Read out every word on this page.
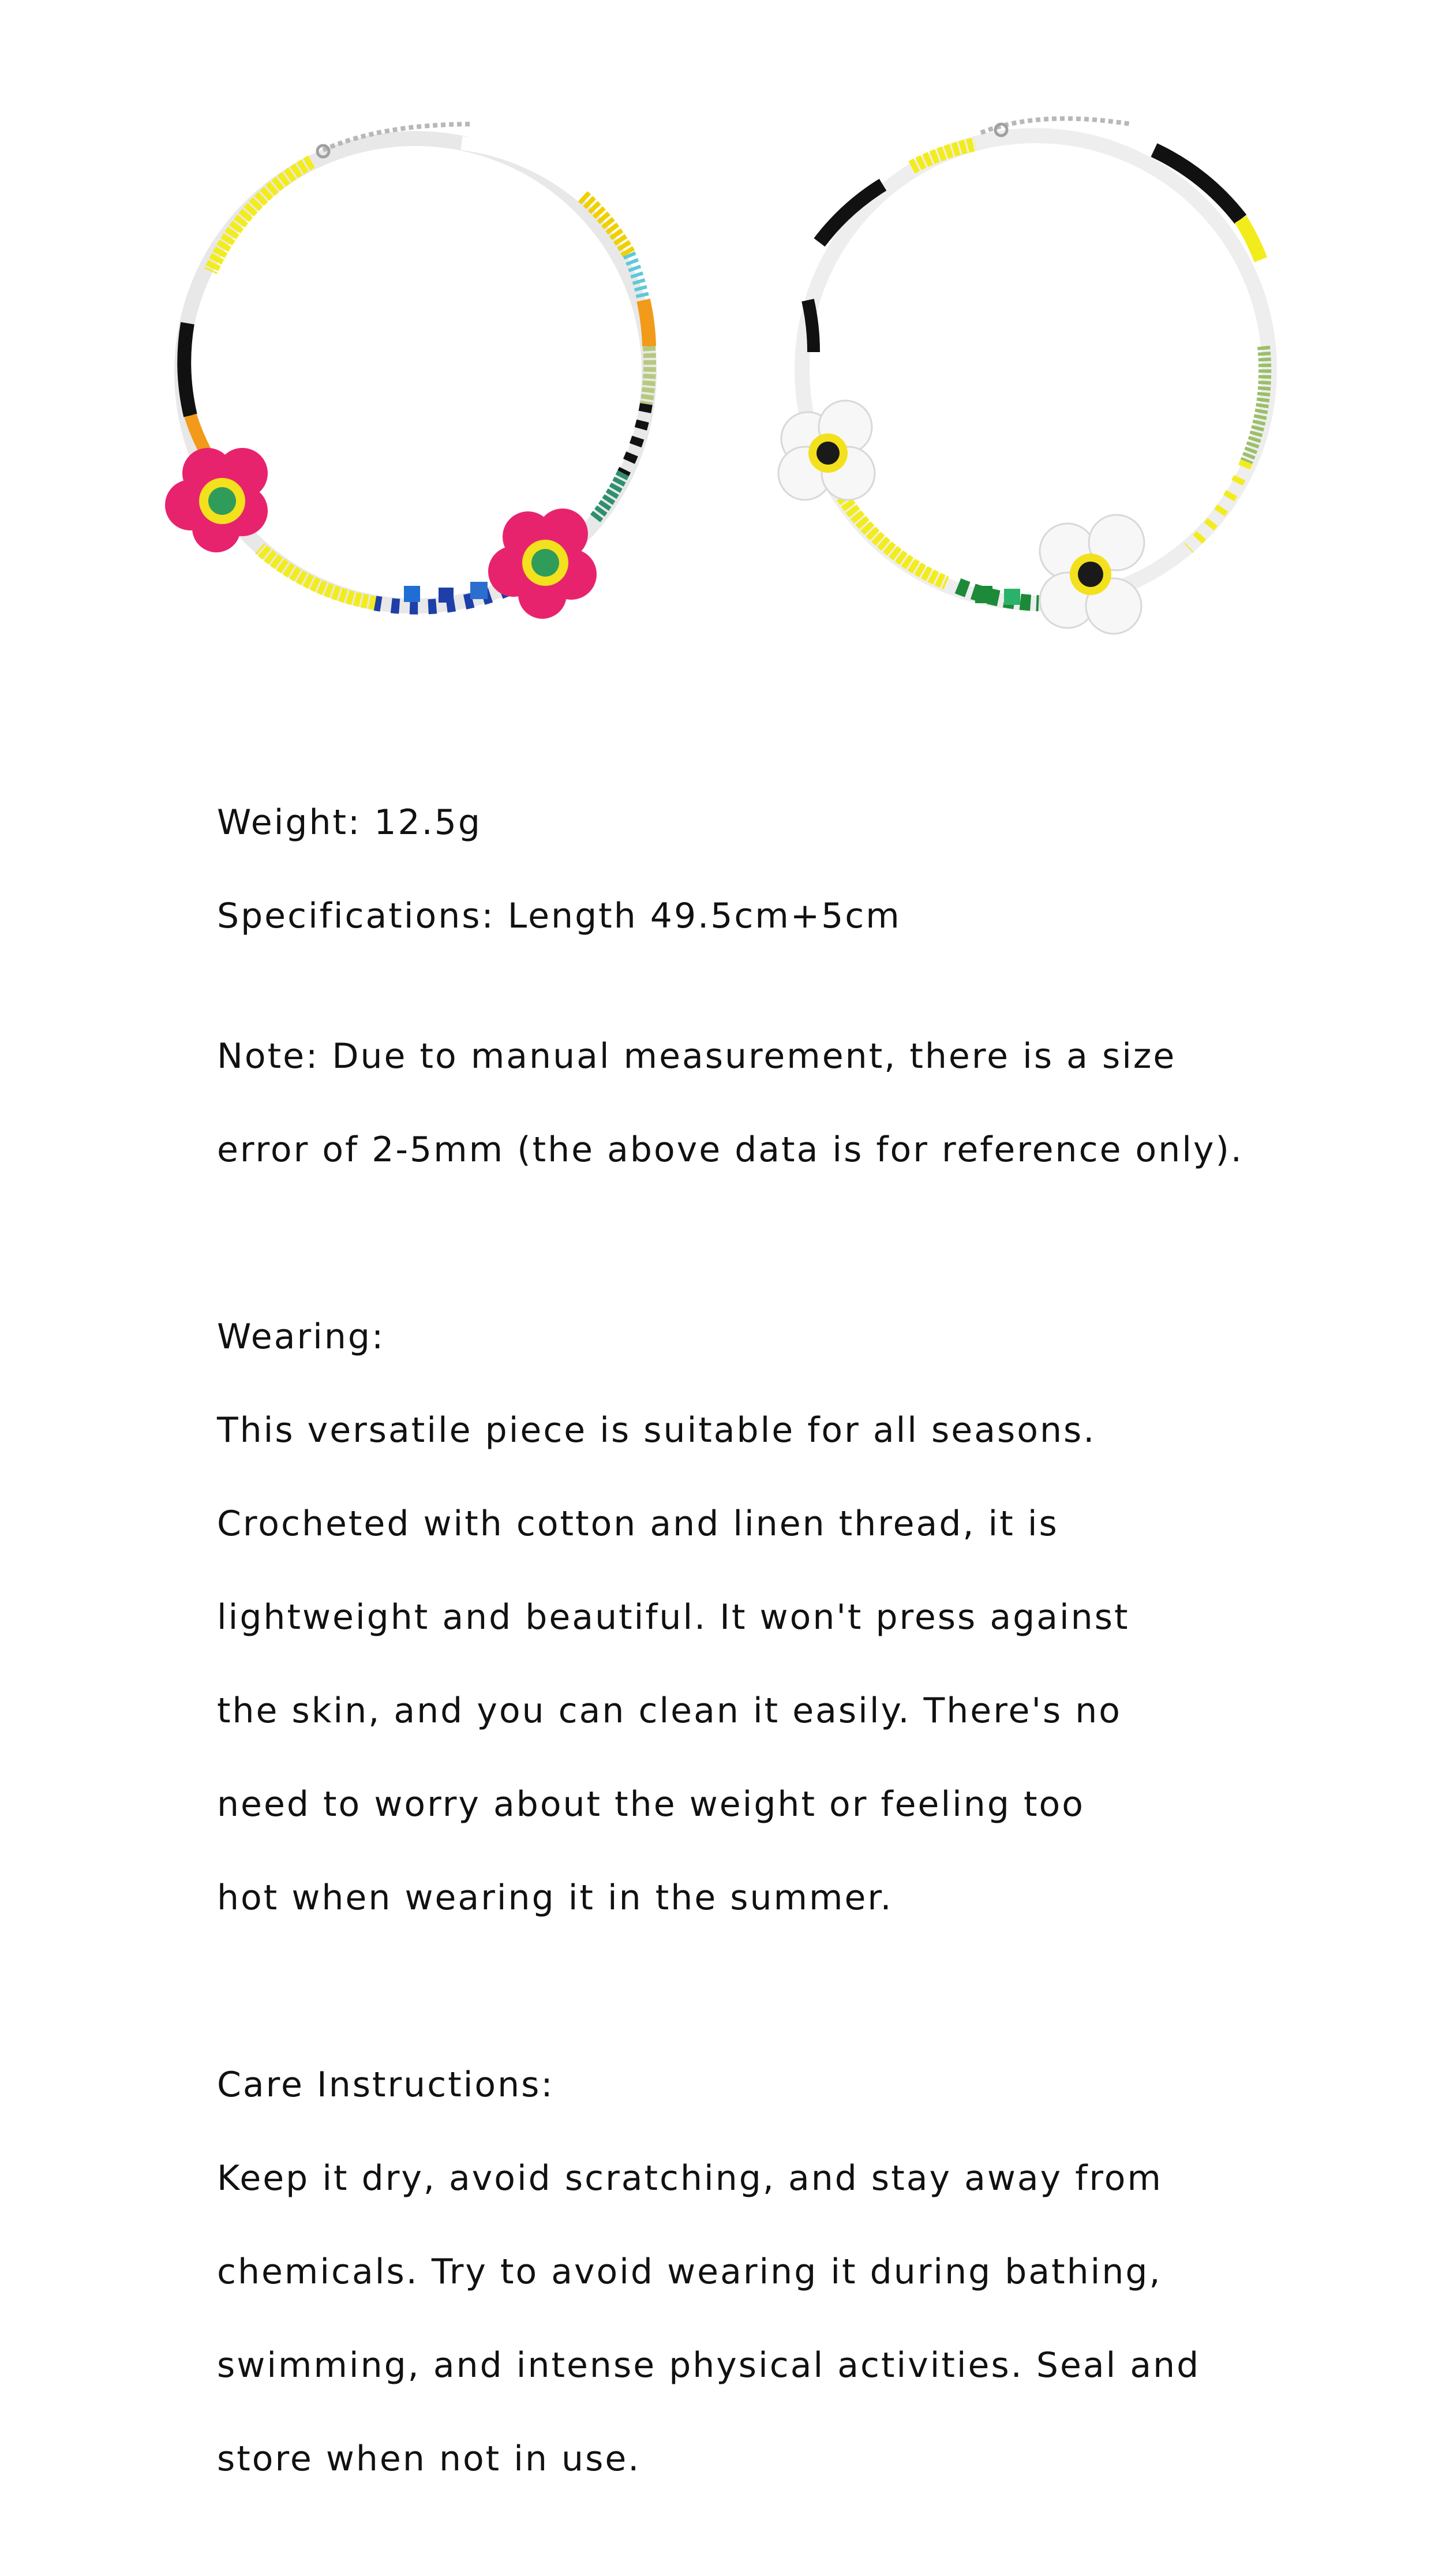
Weight: 12.5g

Specifications: Length 49.5cm+5cm

Note: Due to manual measurement, there is a size

error of 2-5mm (the above data is for reference only).

Wearing:

This versatile piece is suitable for all seasons.

Crocheted with cotton and linen thread, it is

lightweight and beautiful. It won't press against

the skin, and you can clean it easily. There's no

need to worry about the weight or feeling too

hot when wearing it in the summer.

Care Instructions:

Keep it dry, avoid scratching, and stay away from

chemicals. Try to avoid wearing it during bathing,

swimming, and intense physical activities. Seal and

store when not in use.
